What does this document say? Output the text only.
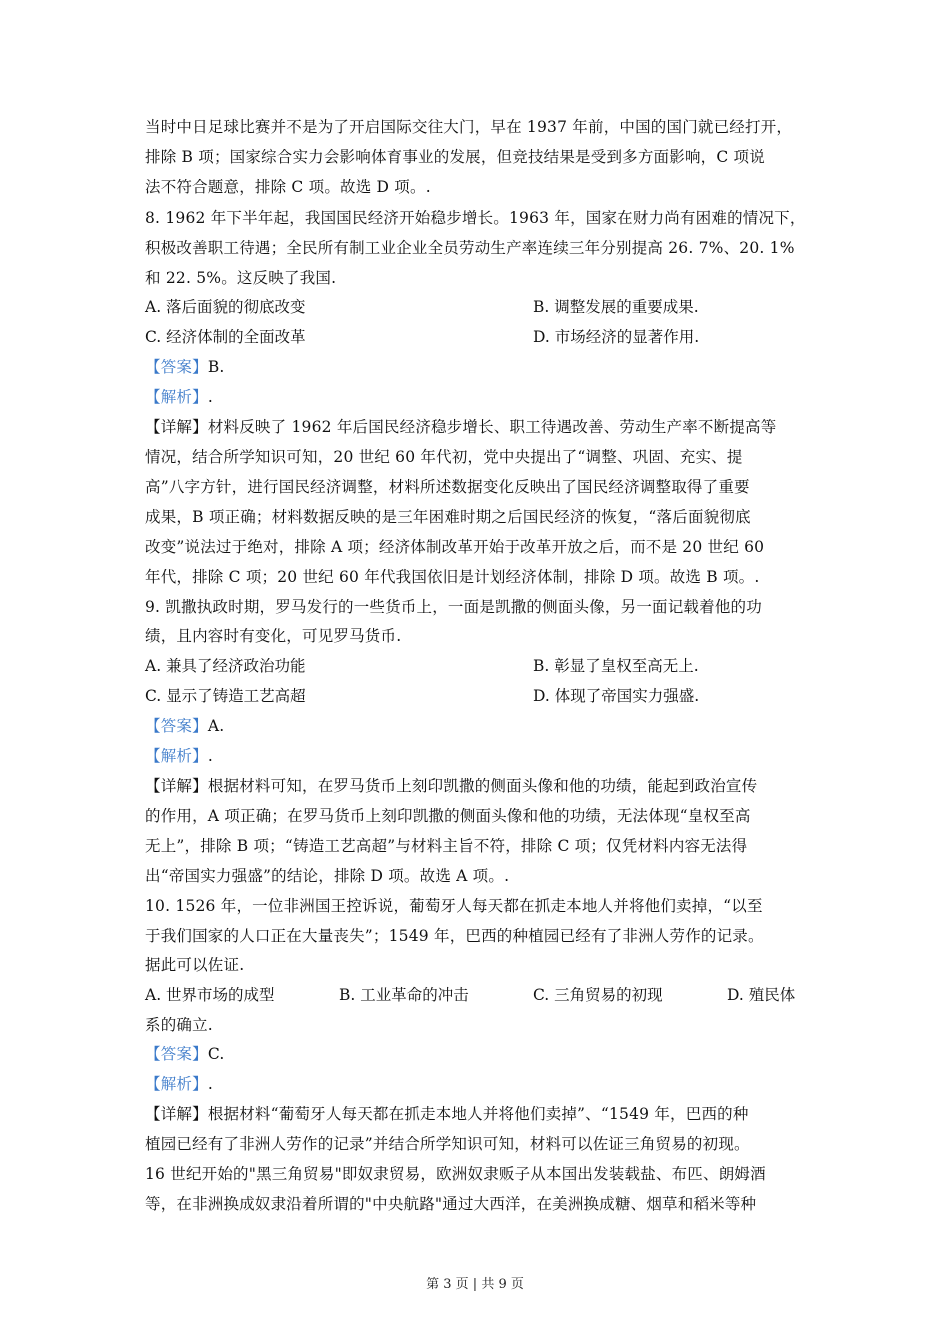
当时中日足球比赛并不是为了开启国际交往大门，早在 1937 年前，中国的国门就已经打开，
排除 B 项；国家综合实力会影响体育事业的发展，但竞技结果是受到多方面影响，C 项说
法不符合题意，排除 C 项。故选 D 项。.
8. 1962 年下半年起，我国国民经济开始稳步增长。1963 年，国家在财力尚有困难的情况下，
积极改善职工待遇；全民所有制工业企业全员劳动生产率连续三年分别提高 26. 7%、20. 1%
和 22. 5%。这反映了我国.
A. 落后面貌的彻底改变	B. 调整发展的重要成果.
C. 经济体制的全面改革	D. 市场经济的显著作用.
【答案】B.
【解析】.
【详解】材料反映了 1962 年后国民经济稳步增长、职工待遇改善、劳动生产率不断提高等
情况，结合所学知识可知，20 世纪 60 年代初，党中央提出了“调整、巩固、充实、提
高”八字方针，进行国民经济调整，材料所述数据变化反映出了国民经济调整取得了重要
成果，B 项正确；材料数据反映的是三年困难时期之后国民经济的恢复，“落后面貌彻底
改变”说法过于绝对，排除 A 项；经济体制改革开始于改革开放之后，而不是 20 世纪 60
年代，排除 C 项；20 世纪 60 年代我国依旧是计划经济体制，排除 D 项。故选 B 项。.
9. 凯撒执政时期，罗马发行的一些货币上，一面是凯撒的侧面头像，另一面记载着他的功
绩，且内容时有变化，可见罗马货币.
A. 兼具了经济政治功能	B. 彰显了皇权至高无上.
C. 显示了铸造工艺高超	D. 体现了帝国实力强盛.
【答案】A.
【解析】.
【详解】根据材料可知，在罗马货币上刻印凯撒的侧面头像和他的功绩，能起到政治宣传
的作用，A 项正确；在罗马货币上刻印凯撒的侧面头像和他的功绩，无法体现“皇权至高
无上”，排除 B 项；“铸造工艺高超”与材料主旨不符，排除 C 项；仅凭材料内容无法得
出“帝国实力强盛”的结论，排除 D 项。故选 A 项。.
10. 1526 年，一位非洲国王控诉说，葡萄牙人每天都在抓走本地人并将他们卖掉，“以至
于我们国家的人口正在大量丧失”；1549 年，巴西的种植园已经有了非洲人劳作的记录。
据此可以佐证.
A. 世界市场的成型	B. 工业革命的冲击	C. 三角贸易的初现	D. 殖民体
系的确立.
【答案】C.
【解析】.
【详解】根据材料“葡萄牙人每天都在抓走本地人并将他们卖掉”、“1549 年，巴西的种
植园已经有了非洲人劳作的记录”并结合所学知识可知，材料可以佐证三角贸易的初现。
16 世纪开始的"黑三角贸易"即奴隶贸易，欧洲奴隶贩子从本国出发装载盐、布匹、朗姆酒
等，在非洲换成奴隶沿着所谓的"中央航路"通过大西洋，在美洲换成糖、烟草和稻米等种
第 3 页 | 共 9 页
